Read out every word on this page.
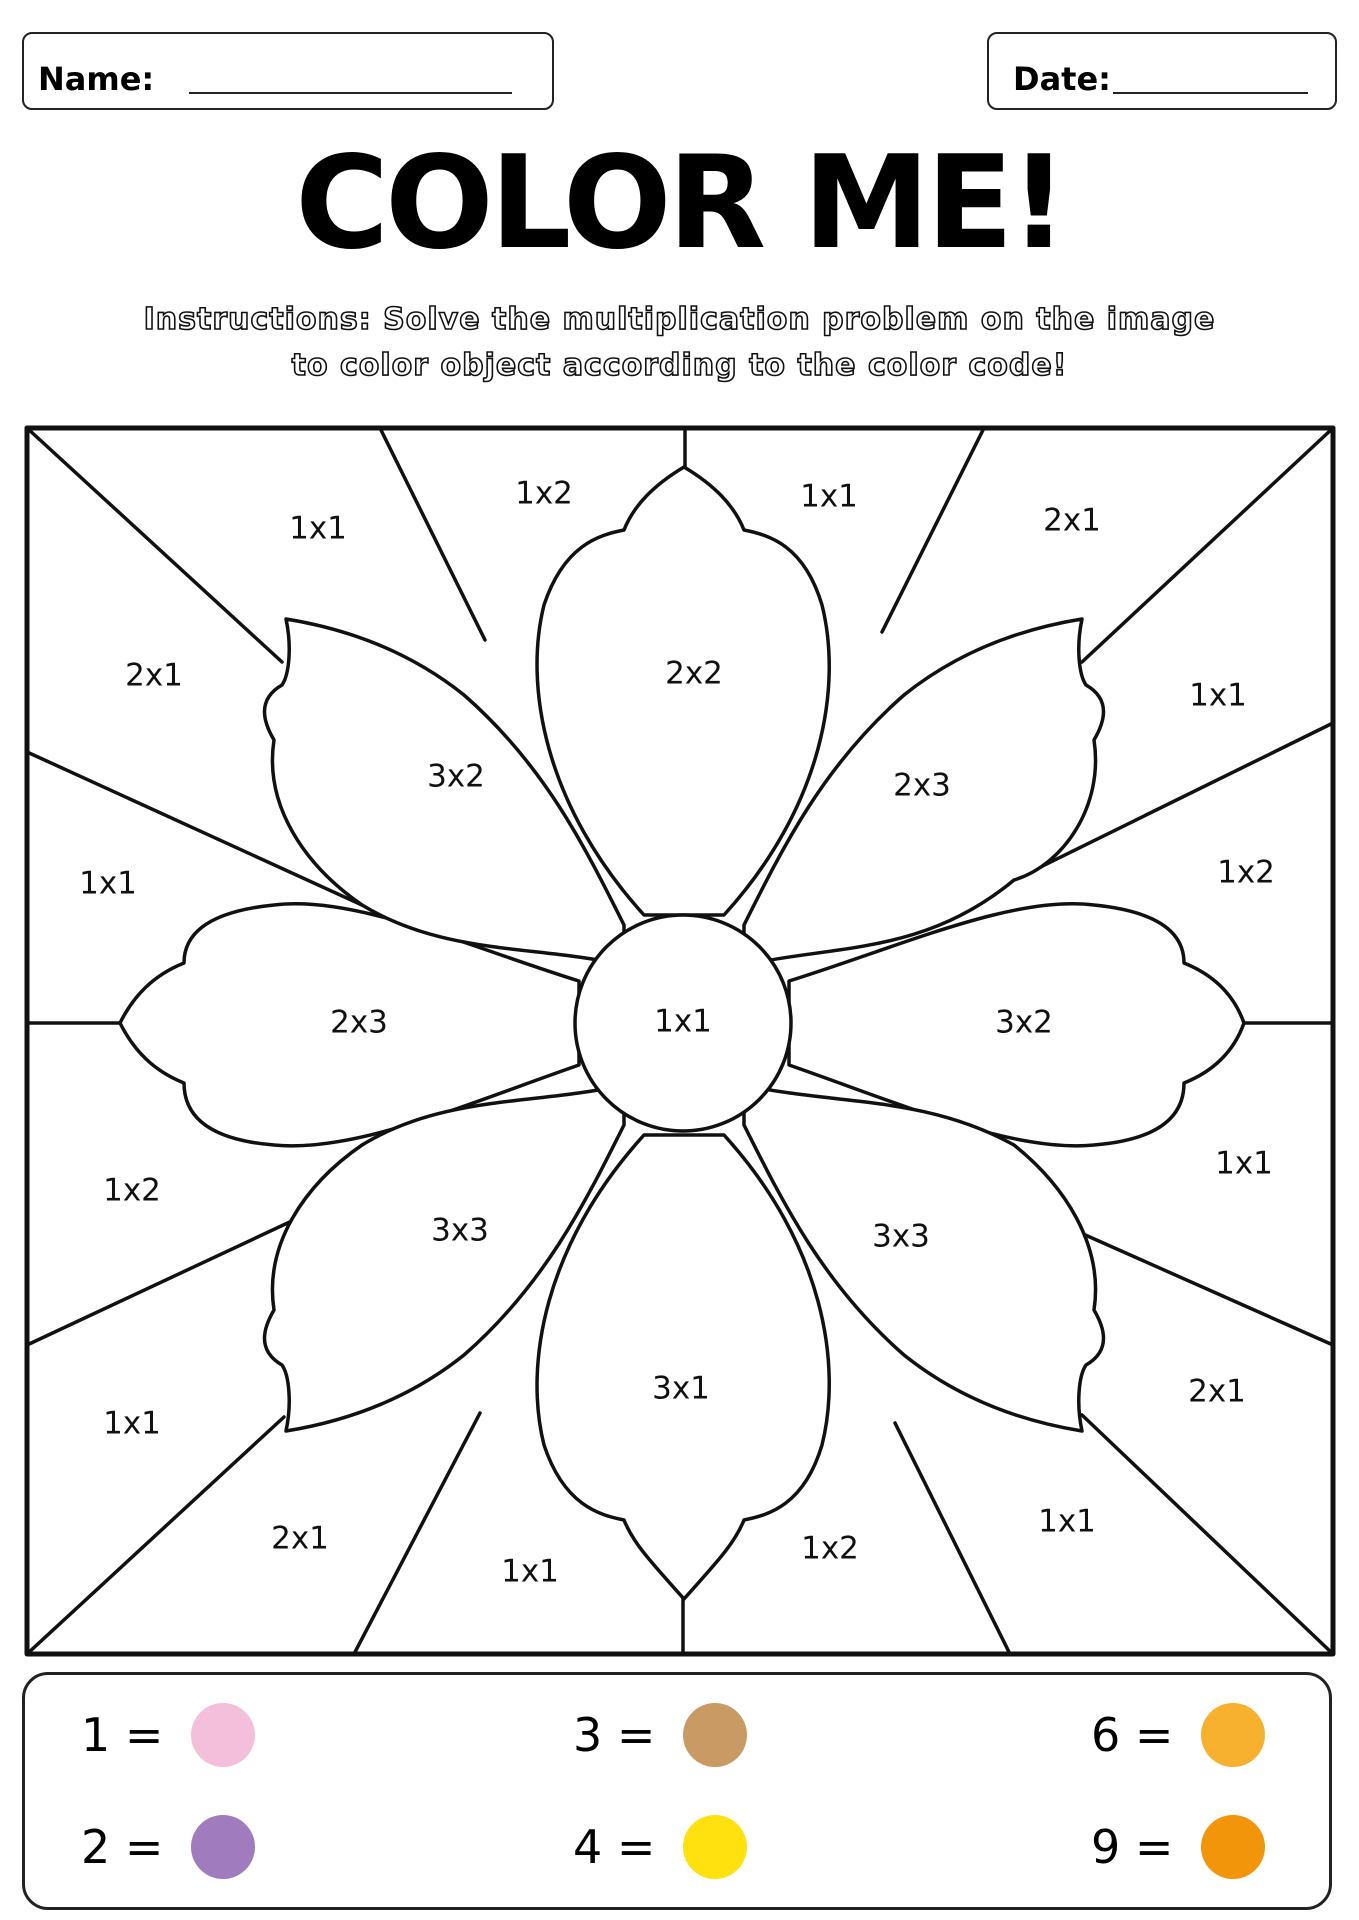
Name:	Date:
COLOR ME!
Instructions: Solve the multiplication problem on the image
to color object according to the color code!
1x1
1x2	1x1
2x1
2x1
1x1
1x2
1x1
1x1
1x2
1x1
2x1
2x1
1x1
1x2
1x1
2x2
3x2	2x3
2x3	3x2
3x3	3x3
3x1
1x1
1 =
2 =
3 =
4 =
6 =
9 =
